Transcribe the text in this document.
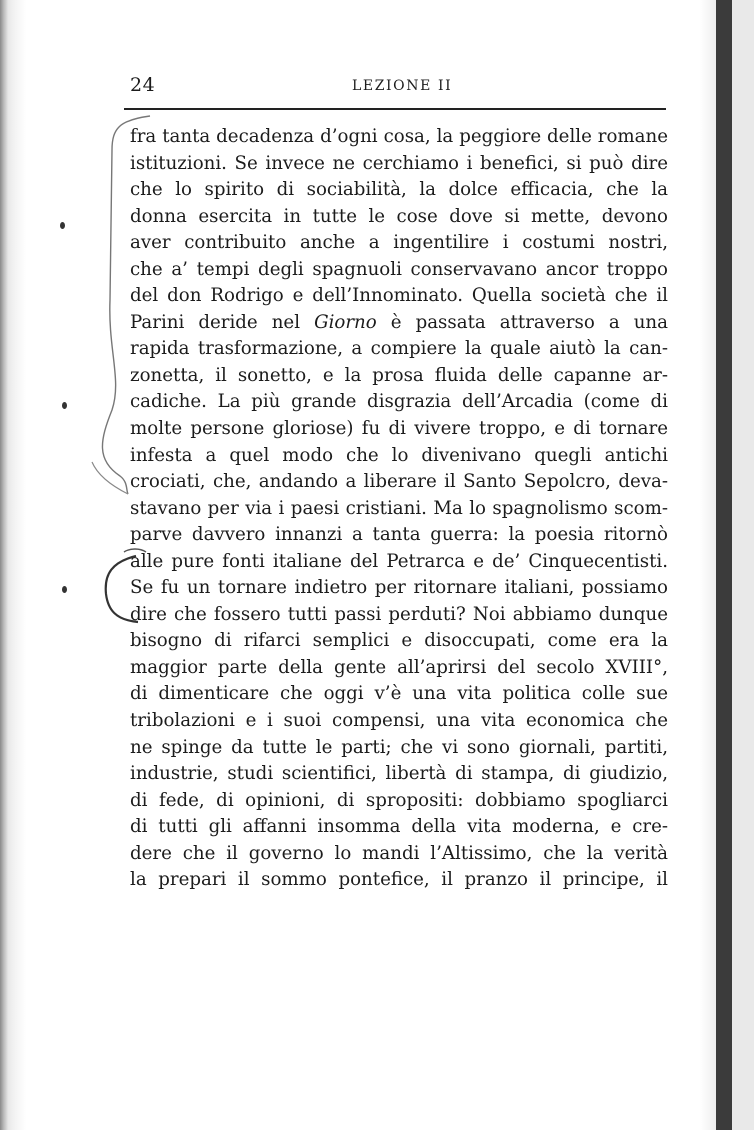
24	LEZIONE II
fra tanta decadenza d’ogni cosa, la peggiore delle romane
istituzioni. Se invece ne cerchiamo i benefici, si può dire
che lo spirito di sociabilità, la dolce efficacia, che la
donna esercita in tutte le cose dove si mette, devono
aver contribuito anche a ingentilire i costumi nostri,
che a’ tempi degli spagnuoli conservavano ancor troppo
del don Rodrigo e dell’Innominato. Quella società che il
Parini deride nel Giorno è passata attraverso a una
rapida trasformazione, a compiere la quale aiutò la can-
zonetta, il sonetto, e la prosa fluida delle capanne ar-
cadiche. La più grande disgrazia dell’Arcadia (come di
molte persone gloriose) fu di vivere troppo, e di tornare
infesta a quel modo che lo divenivano quegli antichi
crociati, che, andando a liberare il Santo Sepolcro, deva-
stavano per via i paesi cristiani. Ma lo spagnolismo scom-
parve davvero innanzi a tanta guerra: la poesia ritornò
alle pure fonti italiane del Petrarca e de’ Cinquecentisti.
Se fu un tornare indietro per ritornare italiani, possiamo
dire che fossero tutti passi perduti? Noi abbiamo dunque
bisogno di rifarci semplici e disoccupati, come era la
maggior parte della gente all’aprirsi del secolo XVIII°,
di dimenticare che oggi v’è una vita politica colle sue
tribolazioni e i suoi compensi, una vita economica che
ne spinge da tutte le parti; che vi sono giornali, partiti,
industrie, studi scientifici, libertà di stampa, di giudizio,
di fede, di opinioni, di spropositi: dobbiamo spogliarci
di tutti gli affanni insomma della vita moderna, e cre-
dere che il governo lo mandi l’Altissimo, che la verità
la prepari il sommo pontefice, il pranzo il principe, il
